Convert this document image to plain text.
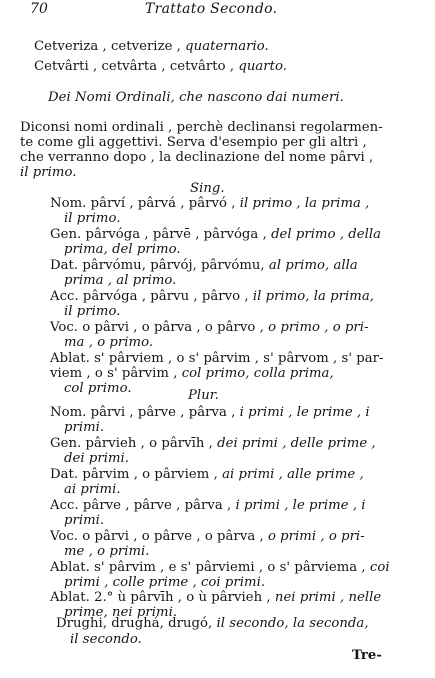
70	Trattato Secondo.
Cetveriza , cetverize , quaternario.
Cetvârti , cetvârta , cetvârto , quarto.
Dei Nomi Ordinali, che nascono dai numeri.
Diconsi nomi ordinali , perchè declinansi regolarmen-
te come gli aggettivi. Serva d'esempio per gli altri ,
che verranno dopo , la declinazione del nome pârvi ,
il primo.
Sing.
Nom. pârví , pârvá , pârvó , il primo , la prima ,
il primo.
Gen. pârvóga , pârvē , pârvóga , del primo , della
prima, del primo.
Dat. pârvómu, pârvój, pârvómu, al primo, alla
prima , al primo.
Acc. pârvóga , pârvu , pârvo , il primo, la prima,
il primo.
Voc. o pârvi , o pârva , o pârvo , o primo , o pri-
ma , o primo.
Ablat. s' pârviem , o s' pârvim , s' pârvom , s' par-
viem , o s' pârvim , col primo, colla prima,
col primo.	Plur.
Nom. pârvi , pârve , pârva , i primi , le prime , i
primi.
Gen. pârvieh , o pârvīh , dei primi , delle prime ,
dei primi.
Dat. pârvim , o pârviem , ai primi , alle prime ,
ai primi.
Acc. pârve , pârve , pârva , i primi , le prime , i
primi.
Voc. o pârvi , o pârve , o pârva , o primi , o pri-
me , o primi.
Ablat. s' pârvim , e s' pârviemi , o s' pârviema , coi
primi , colle prime , coi primi.
Ablat. 2.° ù pârvīh , o ù pârvieh , nei primi , nelle
prime, nei primi.
Drughi, drughá, drugó, il secondo, la seconda,
il secondo.
Tre-
